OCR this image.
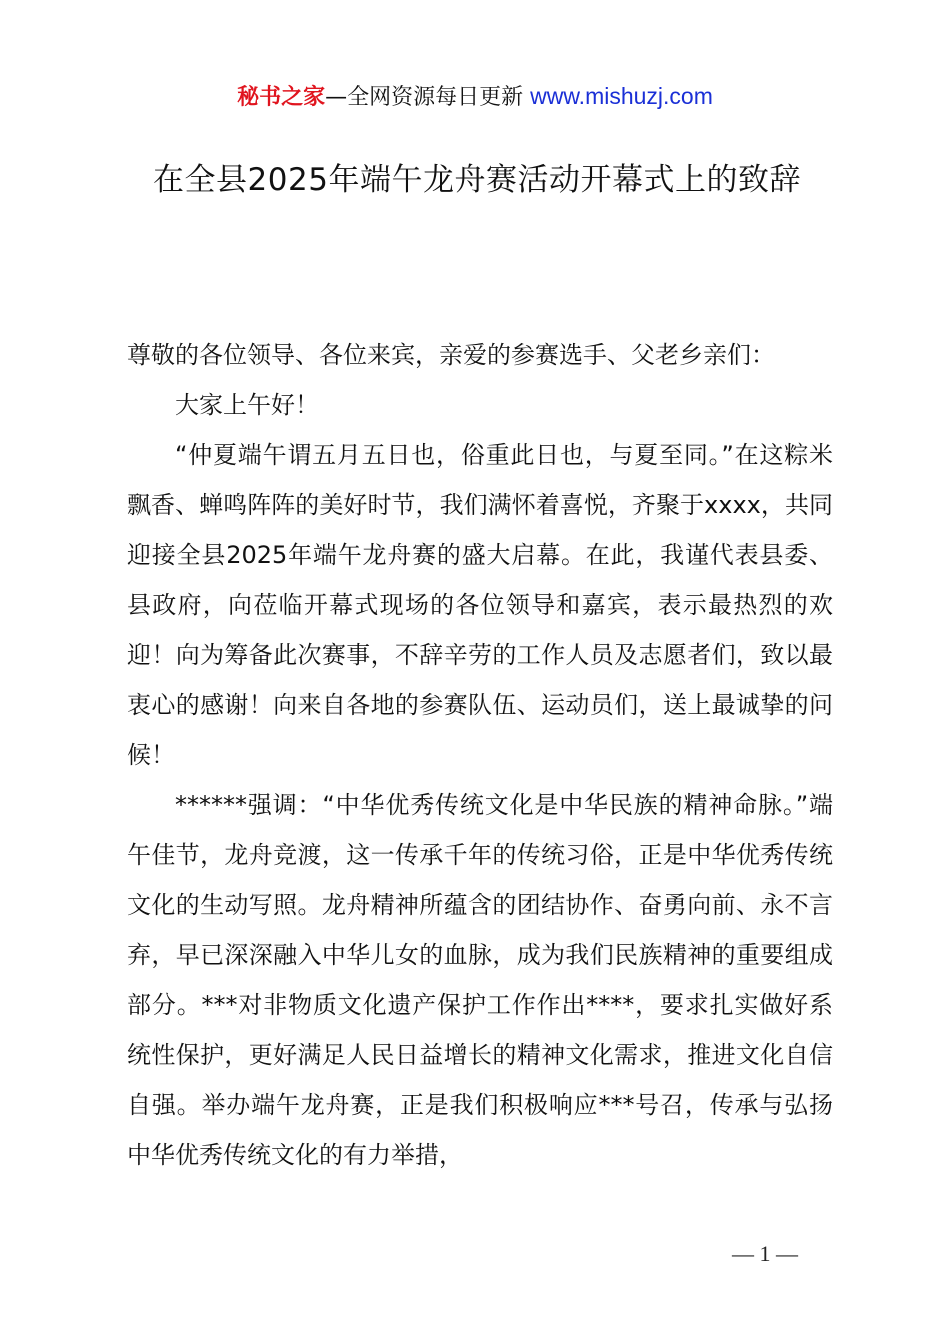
秘书之家—全网资源每日更新 www.mishuzj.com
在全县2025年端午龙舟赛活动开幕式上的致辞

尊敬的各位领导、各位来宾，亲爱的参赛选手、父老乡亲们：

大家上午好！

“仲夏端午谓五月五日也，俗重此日也，与夏至同。”在这粽米飘香、蝉鸣阵阵的美好时节，我们满怀着喜悦，齐聚于xxxx，共同迎接全县2025年端午龙舟赛的盛大启幕。在此，我谨代表县委、县政府，向莅临开幕式现场的各位领导和嘉宾，表示最热烈的欢迎！向为筹备此次赛事，不辞辛劳的工作人员及志愿者们，致以最衷心的感谢！向来自各地的参赛队伍、运动员们，送上最诚挚的问候！

******强调：“中华优秀传统文化是中华民族的精神命脉。”端午佳节，龙舟竞渡，这一传承千年的传统习俗，正是中华优秀传统文化的生动写照。龙舟精神所蕴含的团结协作、奋勇向前、永不言弃，早已深深融入中华儿女的血脉，成为我们民族精神的重要组成部分。***对非物质文化遗产保护工作作出****，要求扎实做好系统性保护，更好满足人民日益增长的精神文化需求，推进文化自信自强。举办端午龙舟赛，正是我们积极响应***号召，传承与弘扬中华优秀传统文化的有力举措，

— 1 —
